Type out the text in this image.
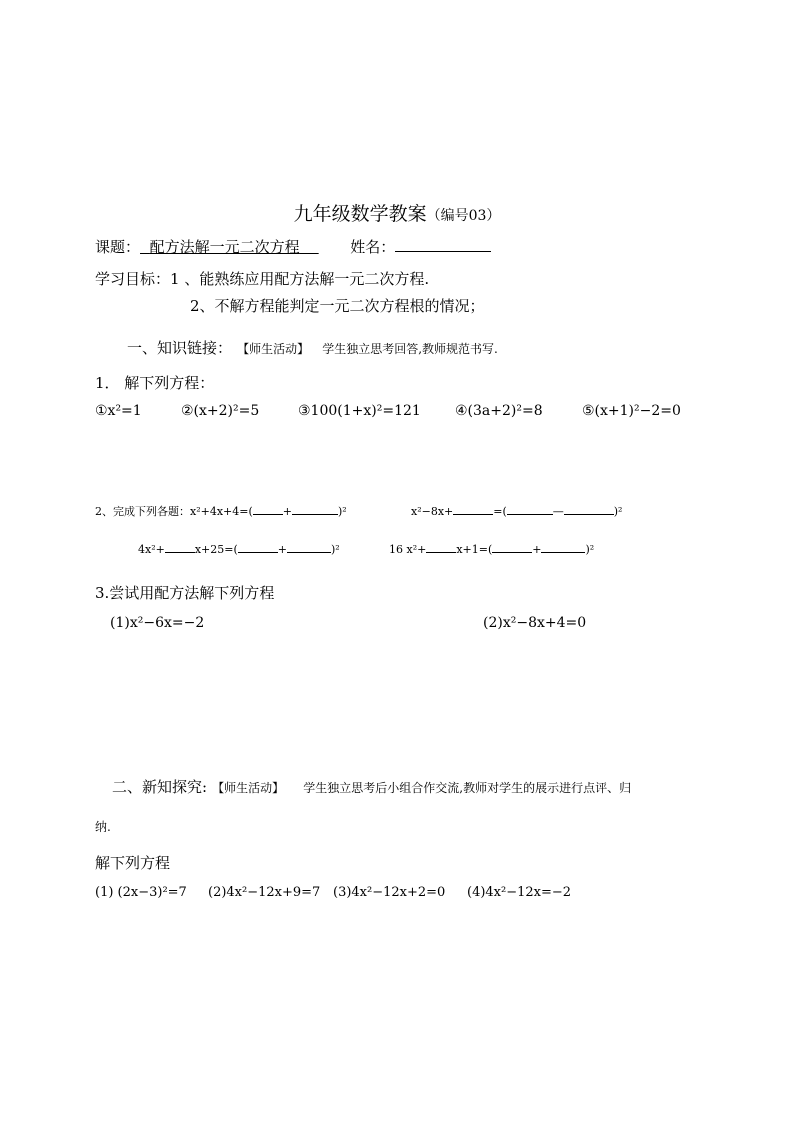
九年级数学教案（编号03）
课题： 配方法解一元二次方程	姓名：
学习目标：1 、能熟练应用配方法解一元二次方程.
2、不解方程能判定一元二次方程根的情况；
一、知识链接： 【师生活动】 学生独立思考回答,教师规范书写.
1． 解下列方程：
①x²=1	②(x+2)²=5	③100(1+x)²=121 ④(3a+2)²=8	⑤(x+1)²−2=0
2、完成下列各题：x²+4x+4=(	+	)²	x²−8x+	=(	—	)²
4x²+	x+25=(	+	)²	16 x²+	x+1=(	+	)²
3.尝试用配方法解下列方程
(1)x²−6x=−2	(2)x²−8x+4=0
二、新知探究: 【师生活动】 学生独立思考后小组合作交流,教师对学生的展示进行点评、归
纳.
解下列方程
(1) (2x−3)²=7 (2)4x²−12x+9=7 (3)4x²−12x+2=0 (4)4x²−12x=−2
